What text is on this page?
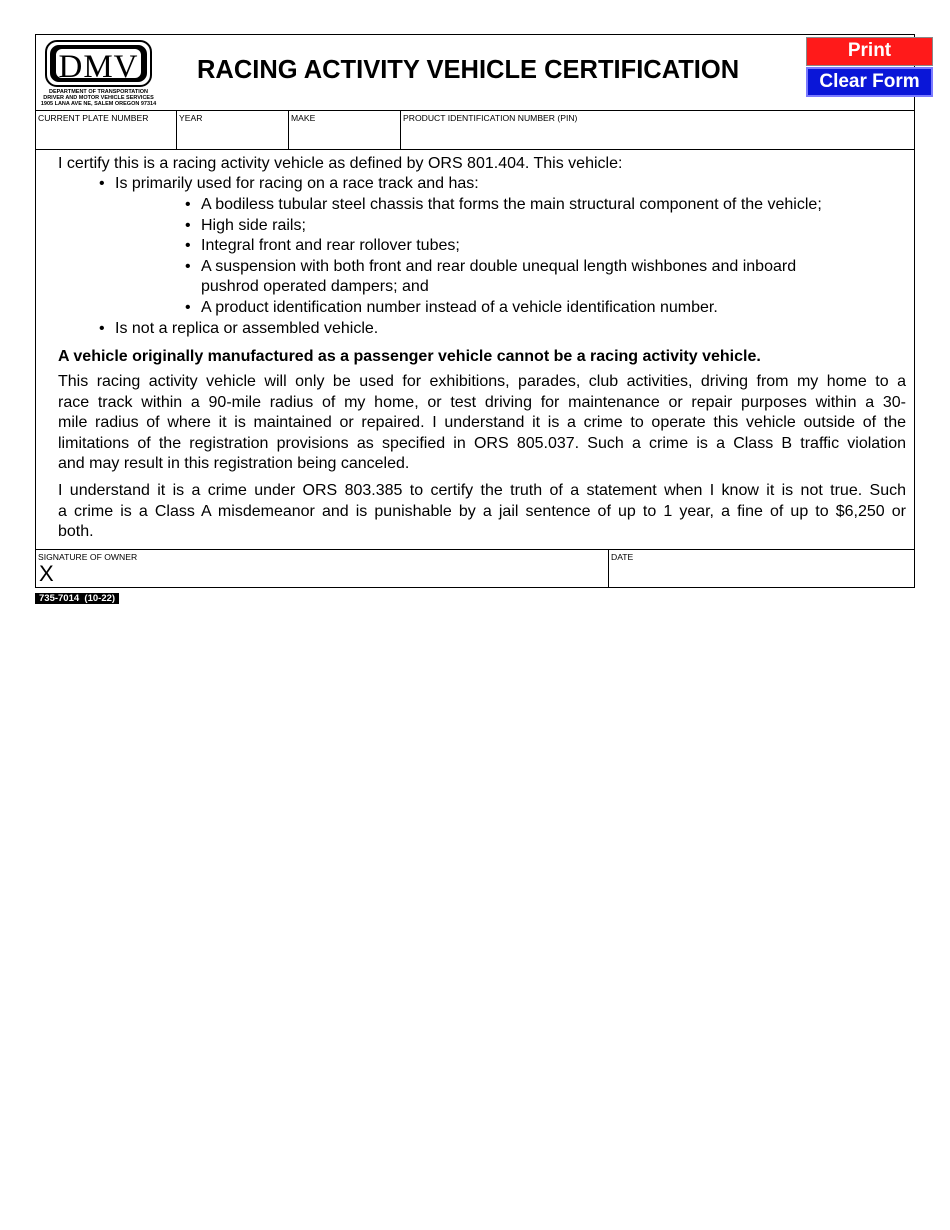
DMV
DEPARTMENT OF TRANSPORTATION
DRIVER AND MOTOR VEHICLE SERVICES
1905 LANA AVE NE, SALEM OREGON 97314
RACING ACTIVITY VEHICLE CERTIFICATION
Print
Clear Form
CURRENT PLATE NUMBER	YEAR	MAKE	PRODUCT IDENTIFICATION NUMBER (PIN)
I certify this is a racing activity vehicle as defined by ORS 801.404. This vehicle:
• Is primarily used for racing on a race track and has:
• A bodiless tubular steel chassis that forms the main structural component of the vehicle;
• High side rails;
• Integral front and rear rollover tubes;
• A suspension with both front and rear double unequal length wishbones and inboard
pushrod operated dampers; and
• A product identification number instead of a vehicle identification number.
• Is not a replica or assembled vehicle.
A vehicle originally manufactured as a passenger vehicle cannot be a racing activity vehicle.
This racing activity vehicle will only be used for exhibitions, parades, club activities, driving from my home to a
race track within a 90-mile radius of my home, or test driving for maintenance or repair purposes within a 30-
mile radius of where it is maintained or repaired. I understand it is a crime to operate this vehicle outside of the
limitations of the registration provisions as specified in ORS 805.037. Such a crime is a Class B traffic violation
and may result in this registration being canceled.
I understand it is a crime under ORS 803.385 to certify the truth of a statement when I know it is not true. Such
a crime is a Class A misdemeanor and is punishable by a jail sentence of up to 1 year, a fine of up to $6,250 or
both.
SIGNATURE OF OWNER
X
DATE
735-7014  (10-22)
